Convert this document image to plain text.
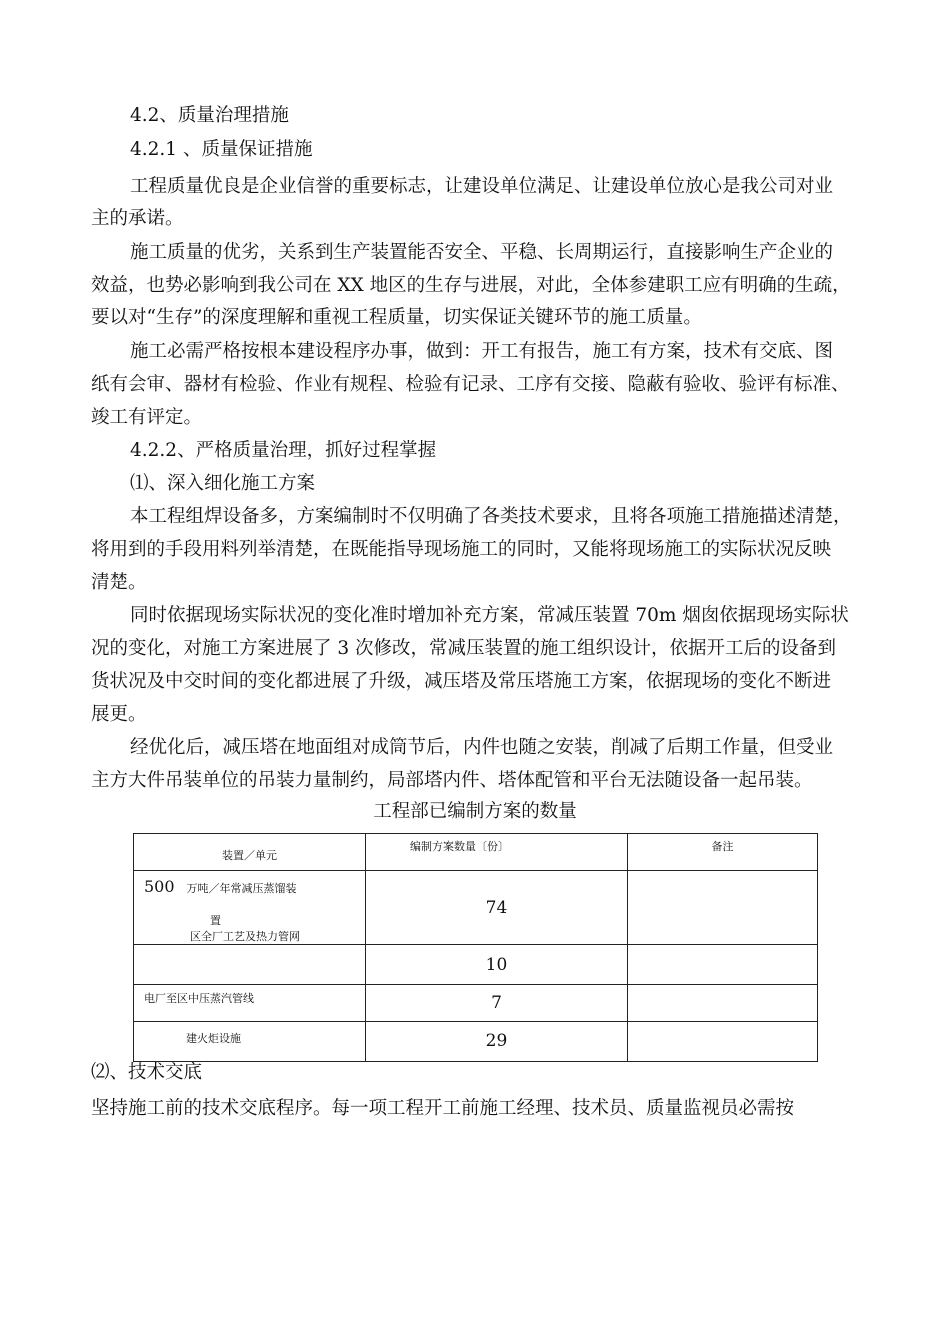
4.2、质量治理措施
4.2.1 、质量保证措施
工程质量优良是企业信誉的重要标志，让建设单位满足、让建设单位放心是我公司对业
主的承诺。
施工质量的优劣，关系到生产装置能否安全、平稳、长周期运行，直接影响生产企业的
效益，也势必影响到我公司在 XX 地区的生存与进展，对此，全体参建职工应有明确的生疏，
要以对“生存”的深度理解和重视工程质量，切实保证关键环节的施工质量。
施工必需严格按根本建设程序办事，做到：开工有报告，施工有方案，技术有交底、图
纸有会审、器材有检验、作业有规程、检验有记录、工序有交接、隐蔽有验收、验评有标准、
竣工有评定。
4.2.2、严格质量治理，抓好过程掌握
⑴、深入细化施工方案
本工程组焊设备多，方案编制时不仅明确了各类技术要求，且将各项施工措施描述清楚，
将用到的手段用料列举清楚，在既能指导现场施工的同时，又能将现场施工的实际状况反映
清楚。
同时依据现场实际状况的变化准时增加补充方案，常减压装置 70m 烟囱依据现场实际状
况的变化，对施工方案进展了 3 次修改，常减压装置的施工组织设计，依据开工后的设备到
货状况及中交时间的变化都进展了升级，减压塔及常压塔施工方案，依据现场的变化不断进
展更。
经优化后，减压塔在地面组对成筒节后，内件也随之安装，削减了后期工作量，但受业
主方大件吊装单位的吊装力量制约，局部塔内件、塔体配管和平台无法随设备一起吊装。
工程部已编制方案的数量
装置／单元	编制方案数量〔份〕	备注

500 万吨／年常减压蒸馏装
置
区全厂工艺及热力管网	74	
	10	

电厂至区中压蒸汽管线	7	

建火炬设施	29	
⑵、技术交底
坚持施工前的技术交底程序。每一项工程开工前施工经理、技术员、质量监视员必需按
